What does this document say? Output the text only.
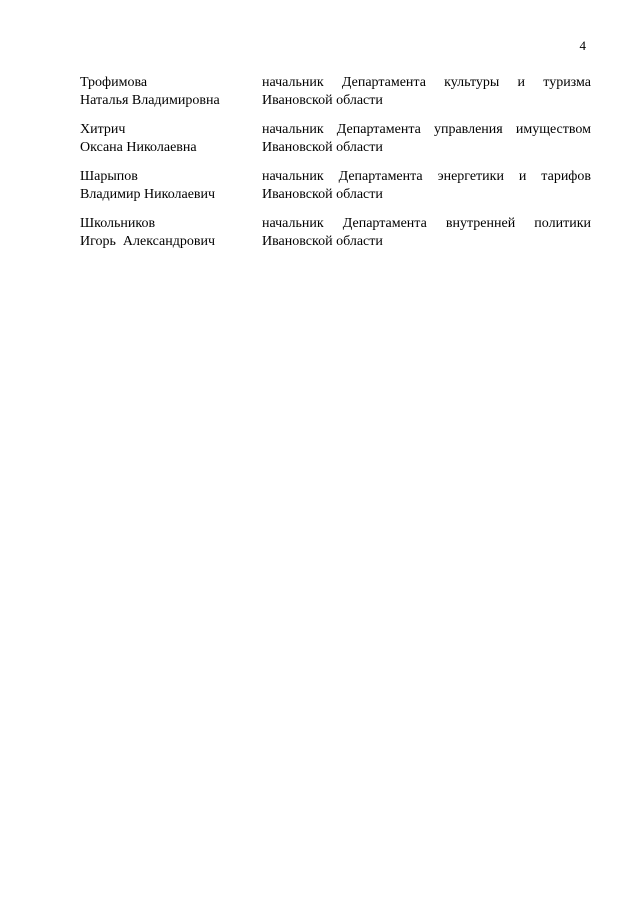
4
Трофимова
Наталья Владимировна
начальник Департамента культуры и туризма
Ивановской области
Хитрич
Оксана Николаевна
начальник Департамента управления имуществом
Ивановской области
Шарыпов
Владимир Николаевич
начальник Департамента энергетики и тарифов
Ивановской области
Школьников
Игорь  Александрович
начальник Департамента внутренней политики
Ивановской области
